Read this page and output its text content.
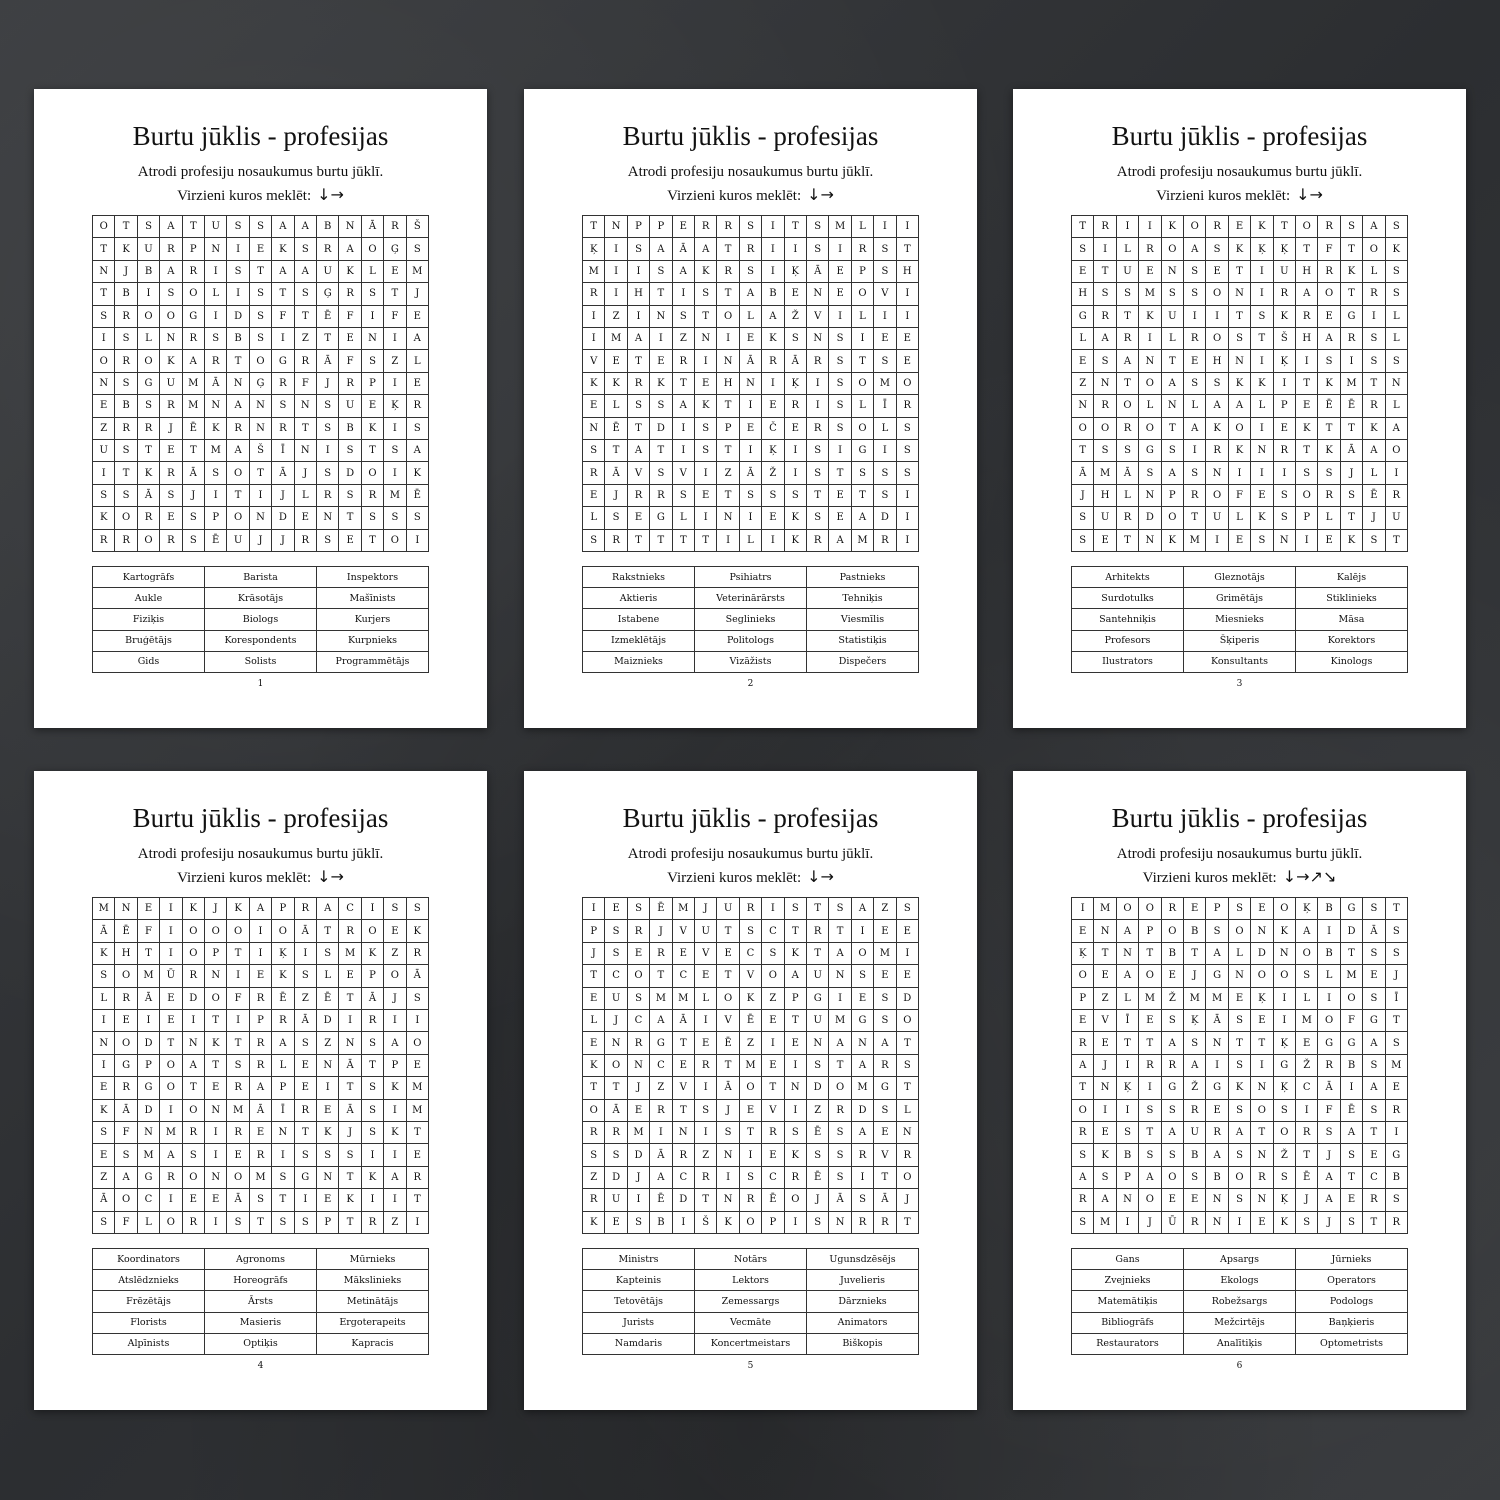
Burtu jūklis - profesijas
Atrodi profesiju nosaukumus burtu jūklī.
Virzieni kuros meklēt: ↓→
O	T	S	A	T	U	S	S	A	A	B	N	Ā	R	Š
T	K	U	R	P	N	I	E	K	S	R	A	O	Ģ	S
N	J	B	A	R	I	S	T	A	A	U	K	L	E	M
T	B	I	S	O	L	I	S	T	S	Ģ	R	S	T	J
S	R	O	O	G	I	D	S	F	T	Ē	F	I	F	E
I	S	L	N	R	S	B	S	I	Z	T	E	N	I	A
O	R	O	K	A	R	T	O	G	R	Ā	F	S	Z	L
N	S	G	U	M	Ā	N	Ģ	R	F	J	R	P	I	E
E	B	S	R	M	N	A	N	S	N	S	U	E	Ķ	R
Z	R	R	J	Ē	K	R	N	R	T	S	B	K	I	S
U	S	T	E	T	M	A	Š	Ī	N	I	S	T	S	A
I	T	K	R	Ā	S	O	T	Ā	J	S	D	O	I	K
S	S	Ā	S	J	I	T	I	J	L	R	S	R	M	Ē
K	O	R	E	S	P	O	N	D	E	N	T	S	S	S
R	R	O	R	S	Ē	U	J	J	R	S	E	T	O	I
Kartogrāfs	Barista	Inspektors
Aukle	Krāsotājs	Mašīnists
Fiziķis	Biologs	Kurjers
Bruģētājs	Korespondents	Kurpnieks
Gids	Solists	Programmētājs
1
Burtu jūklis - profesijas
Atrodi profesiju nosaukumus burtu jūklī.
Virzieni kuros meklēt: ↓→
T	N	P	P	E	R	R	S	I	T	S	M	L	I	I
Ķ	I	S	A	Ā	A	T	R	I	I	S	I	R	S	T
M	I	I	S	A	K	R	S	I	Ķ	Ā	E	P	S	H
R	I	H	T	I	S	T	A	B	E	N	E	O	V	I
I	Z	I	N	S	T	O	L	A	Ž	V	I	L	I	I
I	M	A	I	Z	N	I	E	K	S	N	S	I	E	E
V	E	T	E	R	I	N	Ā	R	Ā	R	S	T	S	E
K	K	R	K	T	E	H	N	I	Ķ	I	S	O	M	O
E	L	S	S	A	K	T	I	E	R	I	S	L	Ī	R
N	Ē	T	D	I	S	P	E	Č	E	R	S	O	L	S
S	T	A	T	I	S	T	I	Ķ	I	S	I	G	I	S
R	Ā	V	S	V	I	Z	Ā	Ž	I	S	T	S	S	S
E	J	R	R	S	E	T	S	S	S	T	E	T	S	I
L	S	E	G	L	I	N	I	E	K	S	E	A	D	I
S	R	T	T	T	T	I	L	I	K	R	A	M	R	I
Rakstnieks	Psihiatrs	Pastnieks
Aktieris	Veterinārārsts	Tehniķis
Istabene	Seglinieks	Viesmīlis
Izmeklētājs	Politologs	Statistiķis
Maiznieks	Vizāžists	Dispečers
2
Burtu jūklis - profesijas
Atrodi profesiju nosaukumus burtu jūklī.
Virzieni kuros meklēt: ↓→
T	R	I	I	K	O	R	E	K	T	O	R	S	A	S
S	I	L	R	O	A	S	K	Ķ	Ķ	T	F	T	O	K
E	T	U	E	N	S	E	T	I	U	H	R	K	L	S
H	S	S	M	S	S	O	N	I	R	A	O	T	R	S
G	R	T	K	U	I	I	T	S	K	R	E	G	I	L
L	A	R	I	L	R	O	S	T	Š	H	A	R	S	L
E	S	A	N	T	E	H	N	I	Ķ	I	S	I	S	S
Z	N	T	O	A	S	S	K	K	I	T	K	M	T	N
N	R	O	L	N	L	A	A	L	P	E	Ē	Ē	R	L
O	O	R	O	T	A	K	O	I	E	K	T	T	K	A
T	S	S	G	S	I	R	K	N	R	T	K	Ā	A	O
Ā	M	Ā	S	A	S	N	I	I	I	S	S	J	L	I
J	H	L	N	P	R	O	F	E	S	O	R	S	Ē	R
S	U	R	D	O	T	U	L	K	S	P	L	T	J	U
S	E	T	N	K	M	I	E	S	N	I	E	K	S	T
Arhitekts	Gleznotājs	Kalējs
Surdotulks	Grimētājs	Stiklinieks
Santehniķis	Miesnieks	Māsa
Profesors	Šķiperis	Korektors
Ilustrators	Konsultants	Kinologs
3
Burtu jūklis - profesijas
Atrodi profesiju nosaukumus burtu jūklī.
Virzieni kuros meklēt: ↓→
M	N	E	I	K	J	K	A	P	R	A	C	I	S	S
Ā	Ē	F	I	O	O	O	I	O	Ā	T	R	O	E	K
K	H	T	I	O	P	T	I	Ķ	I	S	M	K	Z	R
S	O	M	Ū	R	N	I	E	K	S	L	E	P	O	Ā
L	R	Ā	E	D	O	F	R	Ē	Z	Ē	T	Ā	J	S
I	E	I	E	I	T	I	P	R	Ā	D	I	R	I	I
N	O	D	T	N	K	T	R	A	S	Z	N	S	A	O
I	G	P	O	A	T	S	R	L	E	N	Ā	T	P	E
E	R	G	O	T	E	R	A	P	E	I	T	S	K	M
K	Ā	D	I	O	N	M	Ā	Ī	R	E	Ā	S	I	M
S	F	N	M	R	I	R	E	N	T	K	J	S	K	T
E	S	M	A	S	I	E	R	I	S	S	S	I	I	E
Z	A	G	R	O	N	O	M	S	G	N	T	K	A	R
Ā	O	C	I	E	E	Ā	S	T	I	E	K	I	I	T
S	F	L	O	R	I	S	T	S	S	P	T	R	Z	I
Koordinators	Agronoms	Mūrnieks
Atslēdznieks	Horeogrāfs	Mākslinieks
Frēzētājs	Ārsts	Metinātājs
Florists	Masieris	Ergoterapeits
Alpīnists	Optiķis	Kapracis
4
Burtu jūklis - profesijas
Atrodi profesiju nosaukumus burtu jūklī.
Virzieni kuros meklēt: ↓→
I	E	S	Ē	M	J	U	R	I	S	T	S	A	Z	S
P	S	R	J	V	U	T	S	C	T	R	T	I	E	E
J	S	E	R	E	V	E	C	S	K	T	A	O	M	I
T	C	O	T	C	E	T	V	O	A	U	N	S	E	E
E	U	S	M	M	L	O	K	Z	P	G	I	E	S	D
L	J	C	A	Ā	I	V	Ē	E	T	U	M	G	S	O
E	N	R	G	T	E	Ē	Z	I	E	N	A	N	A	T
K	O	N	C	E	R	T	M	E	I	S	T	A	R	S
T	T	J	Z	V	I	Ā	O	T	N	D	O	M	G	T
O	Ā	E	R	T	S	J	E	V	I	Z	R	D	S	L
R	R	M	I	N	I	S	T	R	S	Ē	S	A	E	N
S	S	D	Ā	R	Z	N	I	E	K	S	S	R	V	R
Z	D	J	A	C	R	I	S	C	R	Ē	S	I	T	O
R	U	I	Ē	D	T	N	R	Ē	O	J	Ā	S	Ā	J
K	E	S	B	I	Š	K	O	P	I	S	N	R	R	T
Ministrs	Notārs	Ugunsdzēsējs
Kapteinis	Lektors	Juvelieris
Tetovētājs	Zemessargs	Dārznieks
Jurists	Vecmāte	Animators
Namdaris	Koncertmeistars	Biškopis
5
Burtu jūklis - profesijas
Atrodi profesiju nosaukumus burtu jūklī.
Virzieni kuros meklēt: ↓→↗↘
I	M	O	O	R	E	P	S	E	O	Ķ	B	G	S	T
E	N	A	P	O	B	S	O	N	K	A	I	D	Ā	S
Ķ	T	N	T	B	T	A	L	D	N	O	B	T	S	S
O	E	A	O	E	J	G	N	O	O	S	L	M	E	J
P	Z	L	M	Ž	M	M	E	Ķ	I	L	I	O	S	Ī
E	V	Ī	E	S	Ķ	Ā	S	E	I	M	O	F	G	T
R	E	T	T	A	S	N	T	T	Ķ	E	G	G	A	S
A	J	I	R	R	A	I	S	I	G	Ž	R	B	S	M
T	N	Ķ	I	G	Ž	G	K	N	Ķ	C	Ā	I	A	E
O	I	I	S	S	R	E	S	O	S	I	F	Ē	S	R
R	E	S	T	A	U	R	A	T	O	R	S	A	T	I
S	K	B	S	S	B	A	S	N	Ž	T	J	S	E	G
A	S	P	A	O	S	B	O	R	S	Ē	A	T	C	B
R	A	N	O	E	E	N	S	N	Ķ	J	A	E	R	S
S	M	I	J	Ū	R	N	I	E	K	S	J	S	T	R
Gans	Apsargs	Jūrnieks
Zvejnieks	Ekologs	Operators
Matemātiķis	Robežsargs	Podologs
Bibliogrāfs	Mežcirtējs	Baņķieris
Restaurators	Analītiķis	Optometrists
6
